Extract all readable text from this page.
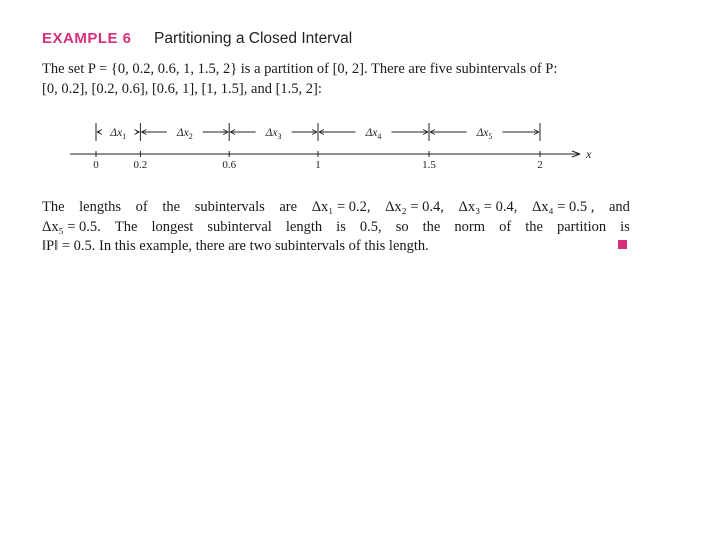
EXAMPLE 6	Partitioning a Closed Interval
The set P = {0, 0.2, 0.6, 1, 1.5, 2} is a partition of [0, 2]. There are five subintervals of P:
[0, 0.2], [0.2, 0.6], [0.6, 1], [1, 1.5], and [1.5, 2]:
x
0	0.2	0.6	1	1.5	2
$\Delta x_1$	$\Delta x_2$	$\Delta x_3$	$\Delta x_4$	$\Delta x_5$
The lengths of the subintervals are Δx₁ = 0.2, Δx₂ = 0.4, Δx₃ = 0.4, Δx₄ = 0.5 , and
Δx₅ = 0.5. The longest subinterval length is 0.5, so the norm of the partition is
‖P‖ = 0.5. In this example, there are two subintervals of this length.
